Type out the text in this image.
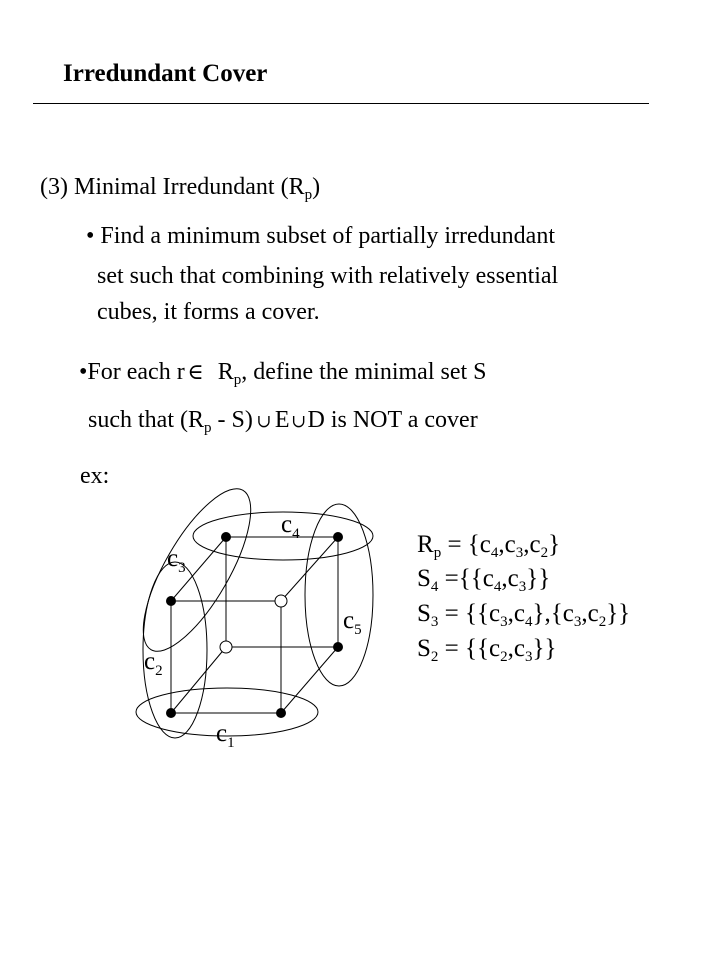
Irredundant Cover
(3) Minimal Irredundant $(R_p)$
• Find a minimum subset of partially irredundant
set such that combining with relatively essential
cubes, it forms a cover.
•For each r ∈ $R_p$, define the minimal set S
such that $(R_p - S)$ ∪ E∪D is NOT a cover
ex:
$c_4$
$c_3$
$c_5$
$c_2$
$c_1$
$R_p = \{c_4,c_3,c_2\}$
$S_4 =\{\{c_4,c_3\}\}$
$S_3 = \{\{c_3,c_4\},\{c_3,c_2\}\}$
$S_2 = \{\{c_2,c_3\}\}$
